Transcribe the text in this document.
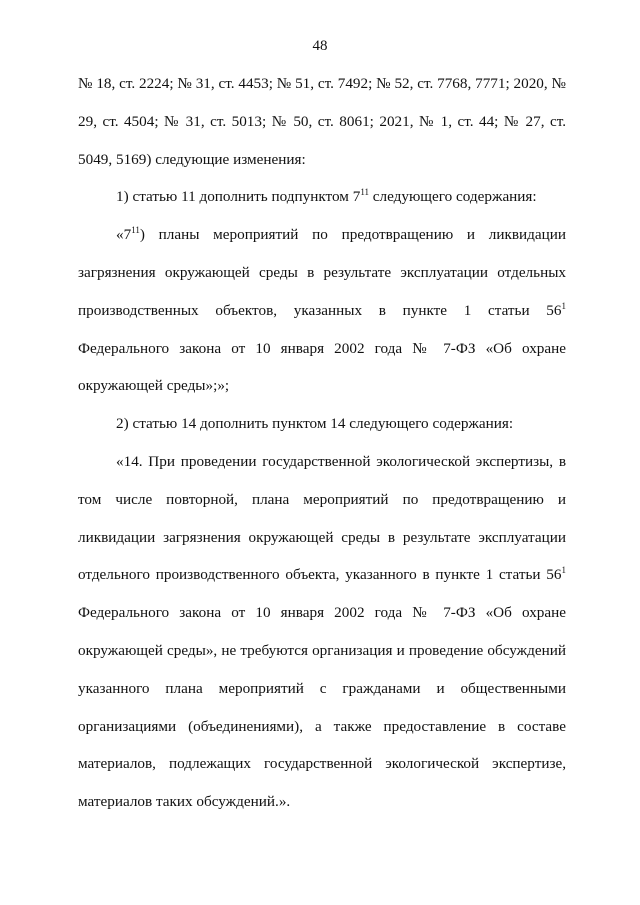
48

№ 18, ст. 2224; № 31, ст. 4453; № 51, ст. 7492; № 52, ст. 7768, 7771; 2020, № 29, ст. 4504; № 31, ст. 5013; № 50, ст. 8061; 2021, № 1, ст. 44; № 27, ст. 5049, 5169) следующие изменения:

1) статью 11 дополнить подпунктом $7^{11}$ следующего содержания:

«$7^{11}$) планы мероприятий по предотвращению и ликвидации загрязнения окружающей среды в результате эксплуатации отдельных производственных объектов, указанных в пункте 1 статьи $56^1$ Федерального закона от 10 января 2002 года № 7-ФЗ «Об охране окружающей среды»;»;

2) статью 14 дополнить пунктом 14 следующего содержания:

«14. При проведении государственной экологической экспертизы, в том числе повторной, плана мероприятий по предотвращению и ликвидации загрязнения окружающей среды в результате эксплуатации отдельного производственного объекта, указанного в пункте 1 статьи $56^1$ Федерального закона от 10 января 2002 года № 7-ФЗ «Об охране окружающей среды», не требуются организация и проведение обсуждений указанного плана мероприятий с гражданами и общественными организациями (объединениями), а также предоставление в составе материалов, подлежащих государственной экологической экспертизе, материалов таких обсуждений.».
